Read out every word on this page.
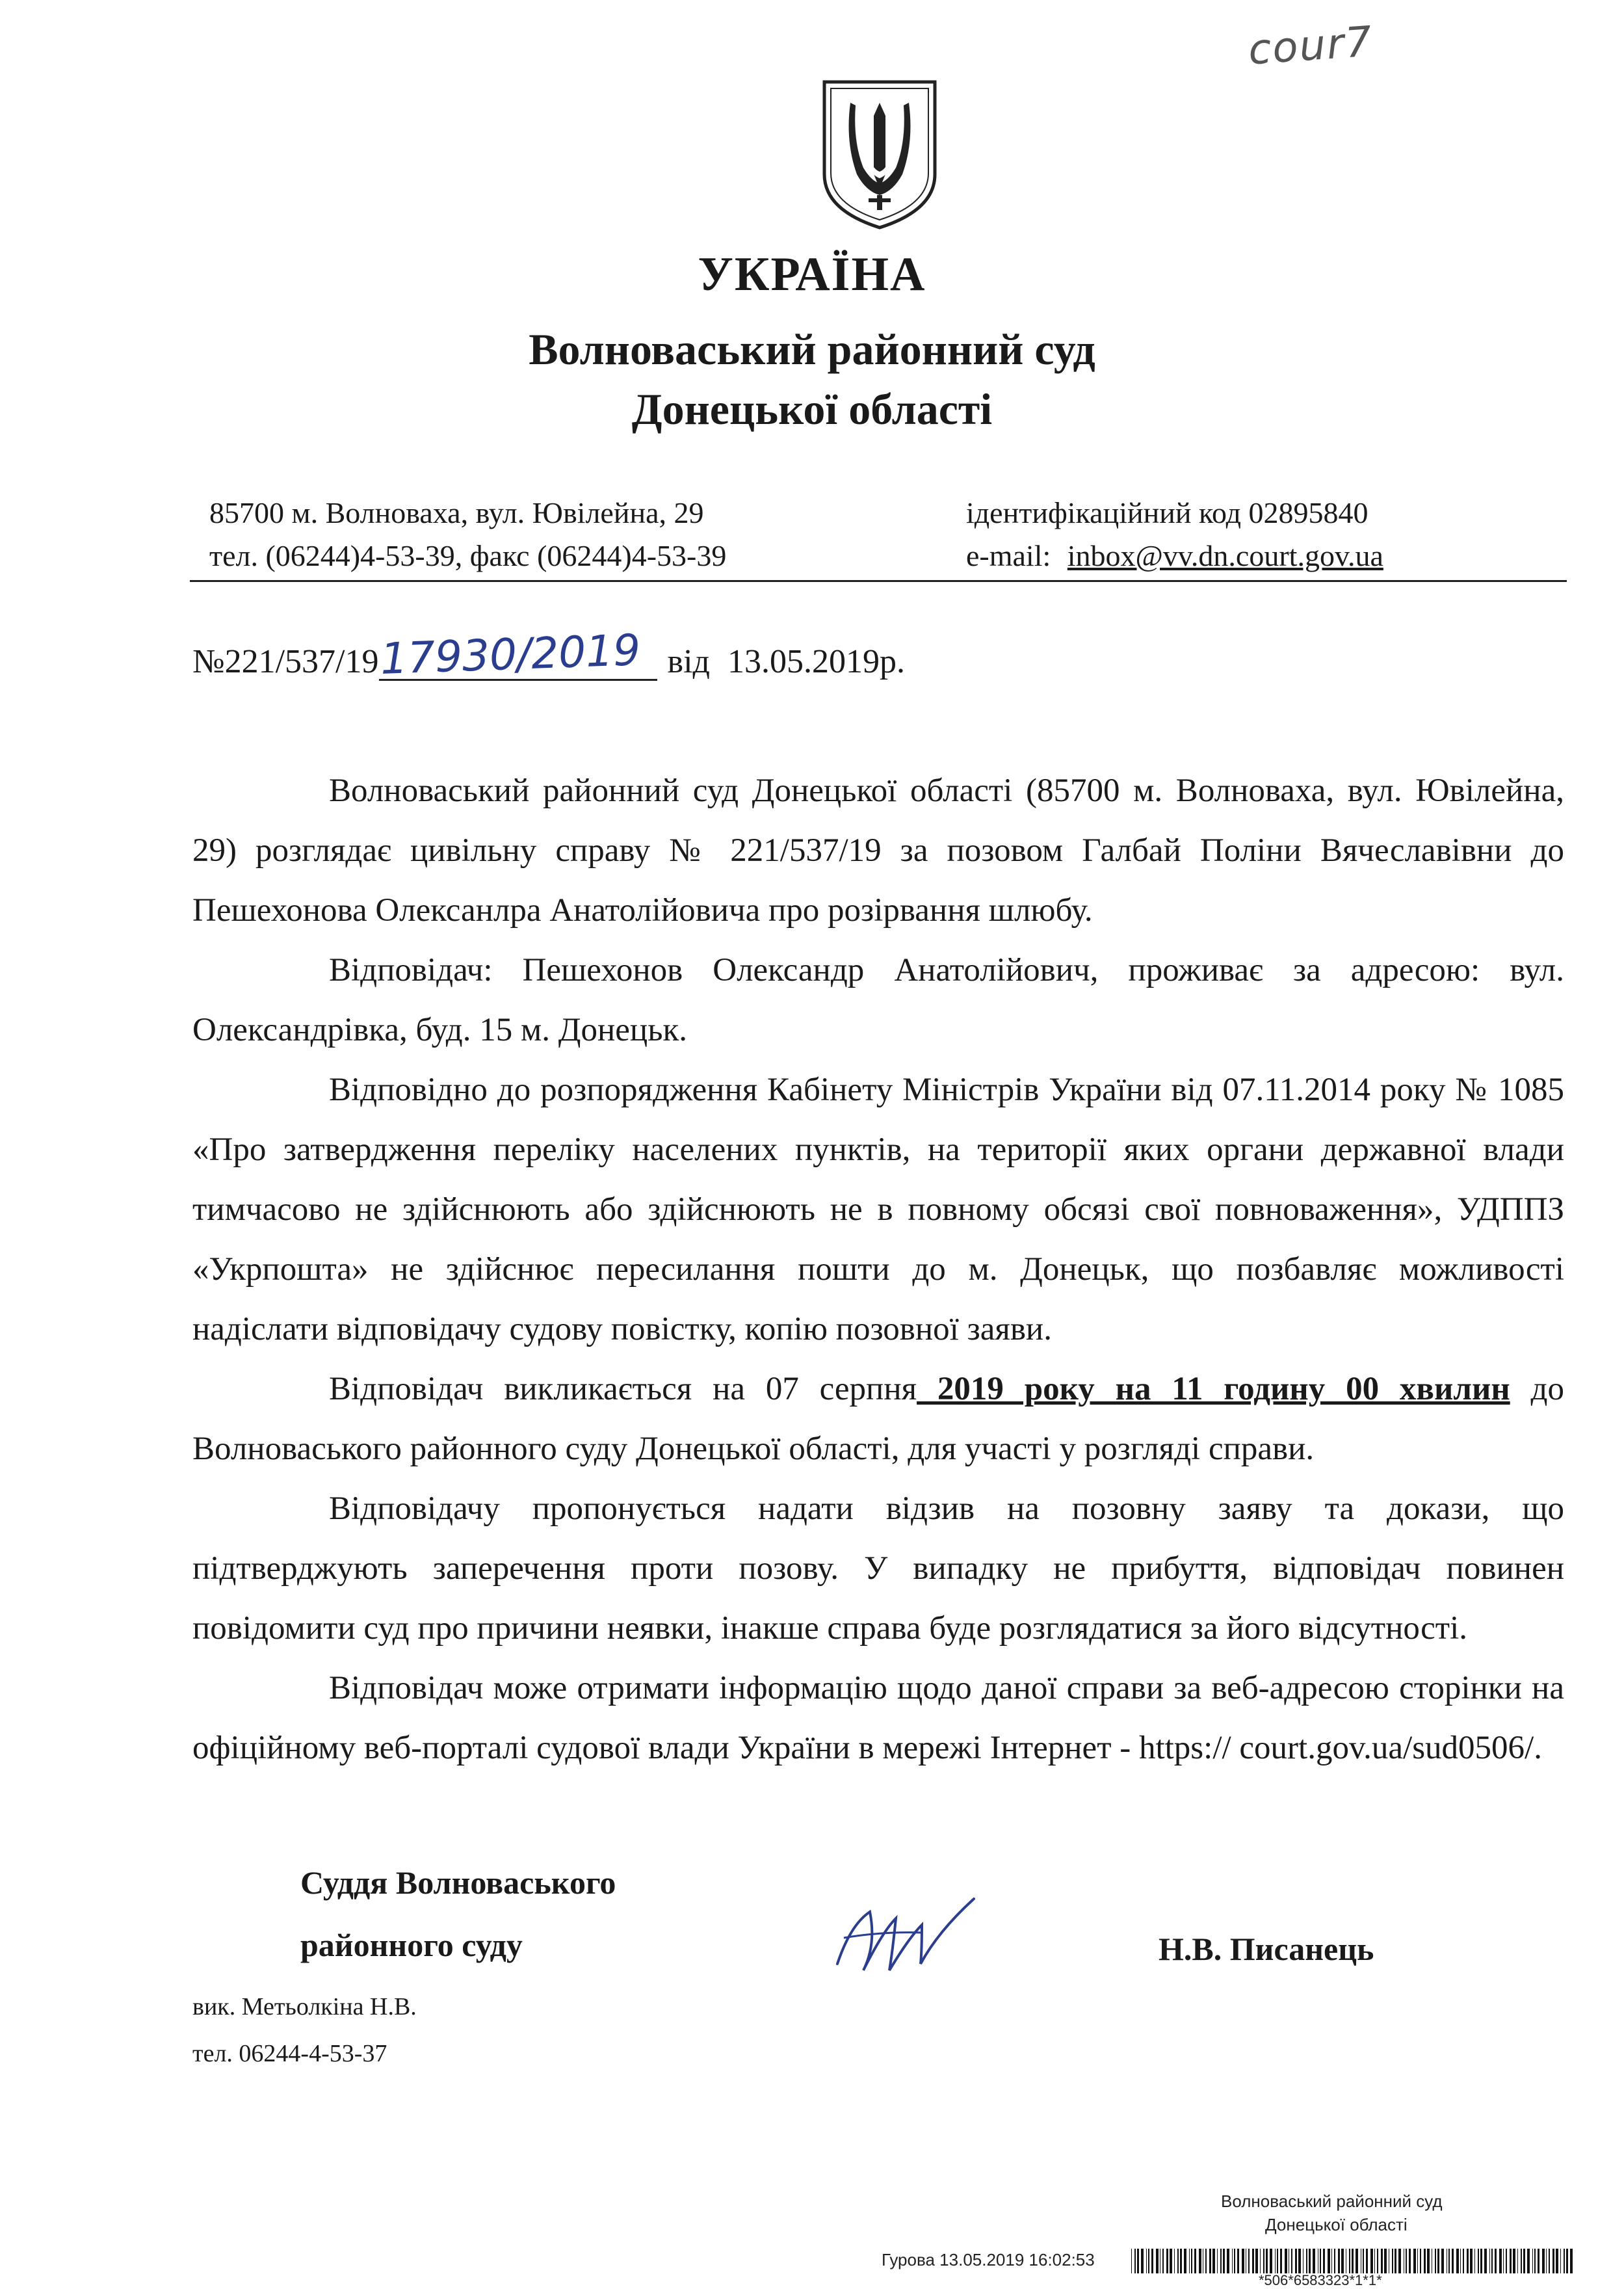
соur7
УКРАЇНА
Волноваський районний суд
Донецької області
85700 м. Волноваха, вул. Ювілейна, 29
тел. (06244)4-53-39, факс (06244)4-53-39
ідентифікаційний код 02895840
e-mail: inbox@vv.dn.court.gov.ua
№221/537/19 17930/2019 від 13.05.2019р.
Волноваський районний суд Донецької області (85700 м. Волноваха, вул. Ювілейна, 29) розглядає цивільну справу № 221/537/19 за позовом Галбай Поліни Вячеславівни до Пешехонова Олексанлра Анатолійовича про розірвання шлюбу.
Відповідач: Пешехонов Олександр Анатолійович, проживає за адресою: вул. Олександрівка, буд. 15 м. Донецьк.
Відповідно до розпорядження Кабінету Міністрів України від 07.11.2014 року № 1085 «Про затвердження переліку населених пунктів, на території яких органи державної влади тимчасово не здійснюють або здійснюють не в повному обсязі свої повноваження», УДППЗ «Укрпошта» не здійснює пересилання пошти до м. Донецьк, що позбавляє можливості надіслати відповідачу судову повістку, копію позовної заяви.
Відповідач викликається на 07 серпня 2019 року на 11 годину 00 хвилин до Волноваського районного суду Донецької області, для участі у розгляді справи.
Відповідачу пропонується надати відзив на позовну заяву та докази, що підтверджують заперечення проти позову. У випадку не прибуття, відповідач повинен повідомити суд про причини неявки, інакше справа буде розглядатися за його відсутності.
Відповідач може отримати інформацію щодо даної справи за веб-адресою сторінки на офіційному веб-порталі судової влади України в мережі Інтернет - https:// court.gov.ua/sud0506/.
Суддя Волноваського
районного суду	Н.В. Писанець
вик. Метьолкіна Н.В.
тел. 06244-4-53-37
Волноваський районний суд
Донецької області
Гурова 13.05.2019 16:02:53
*506*6583323*1*1*
